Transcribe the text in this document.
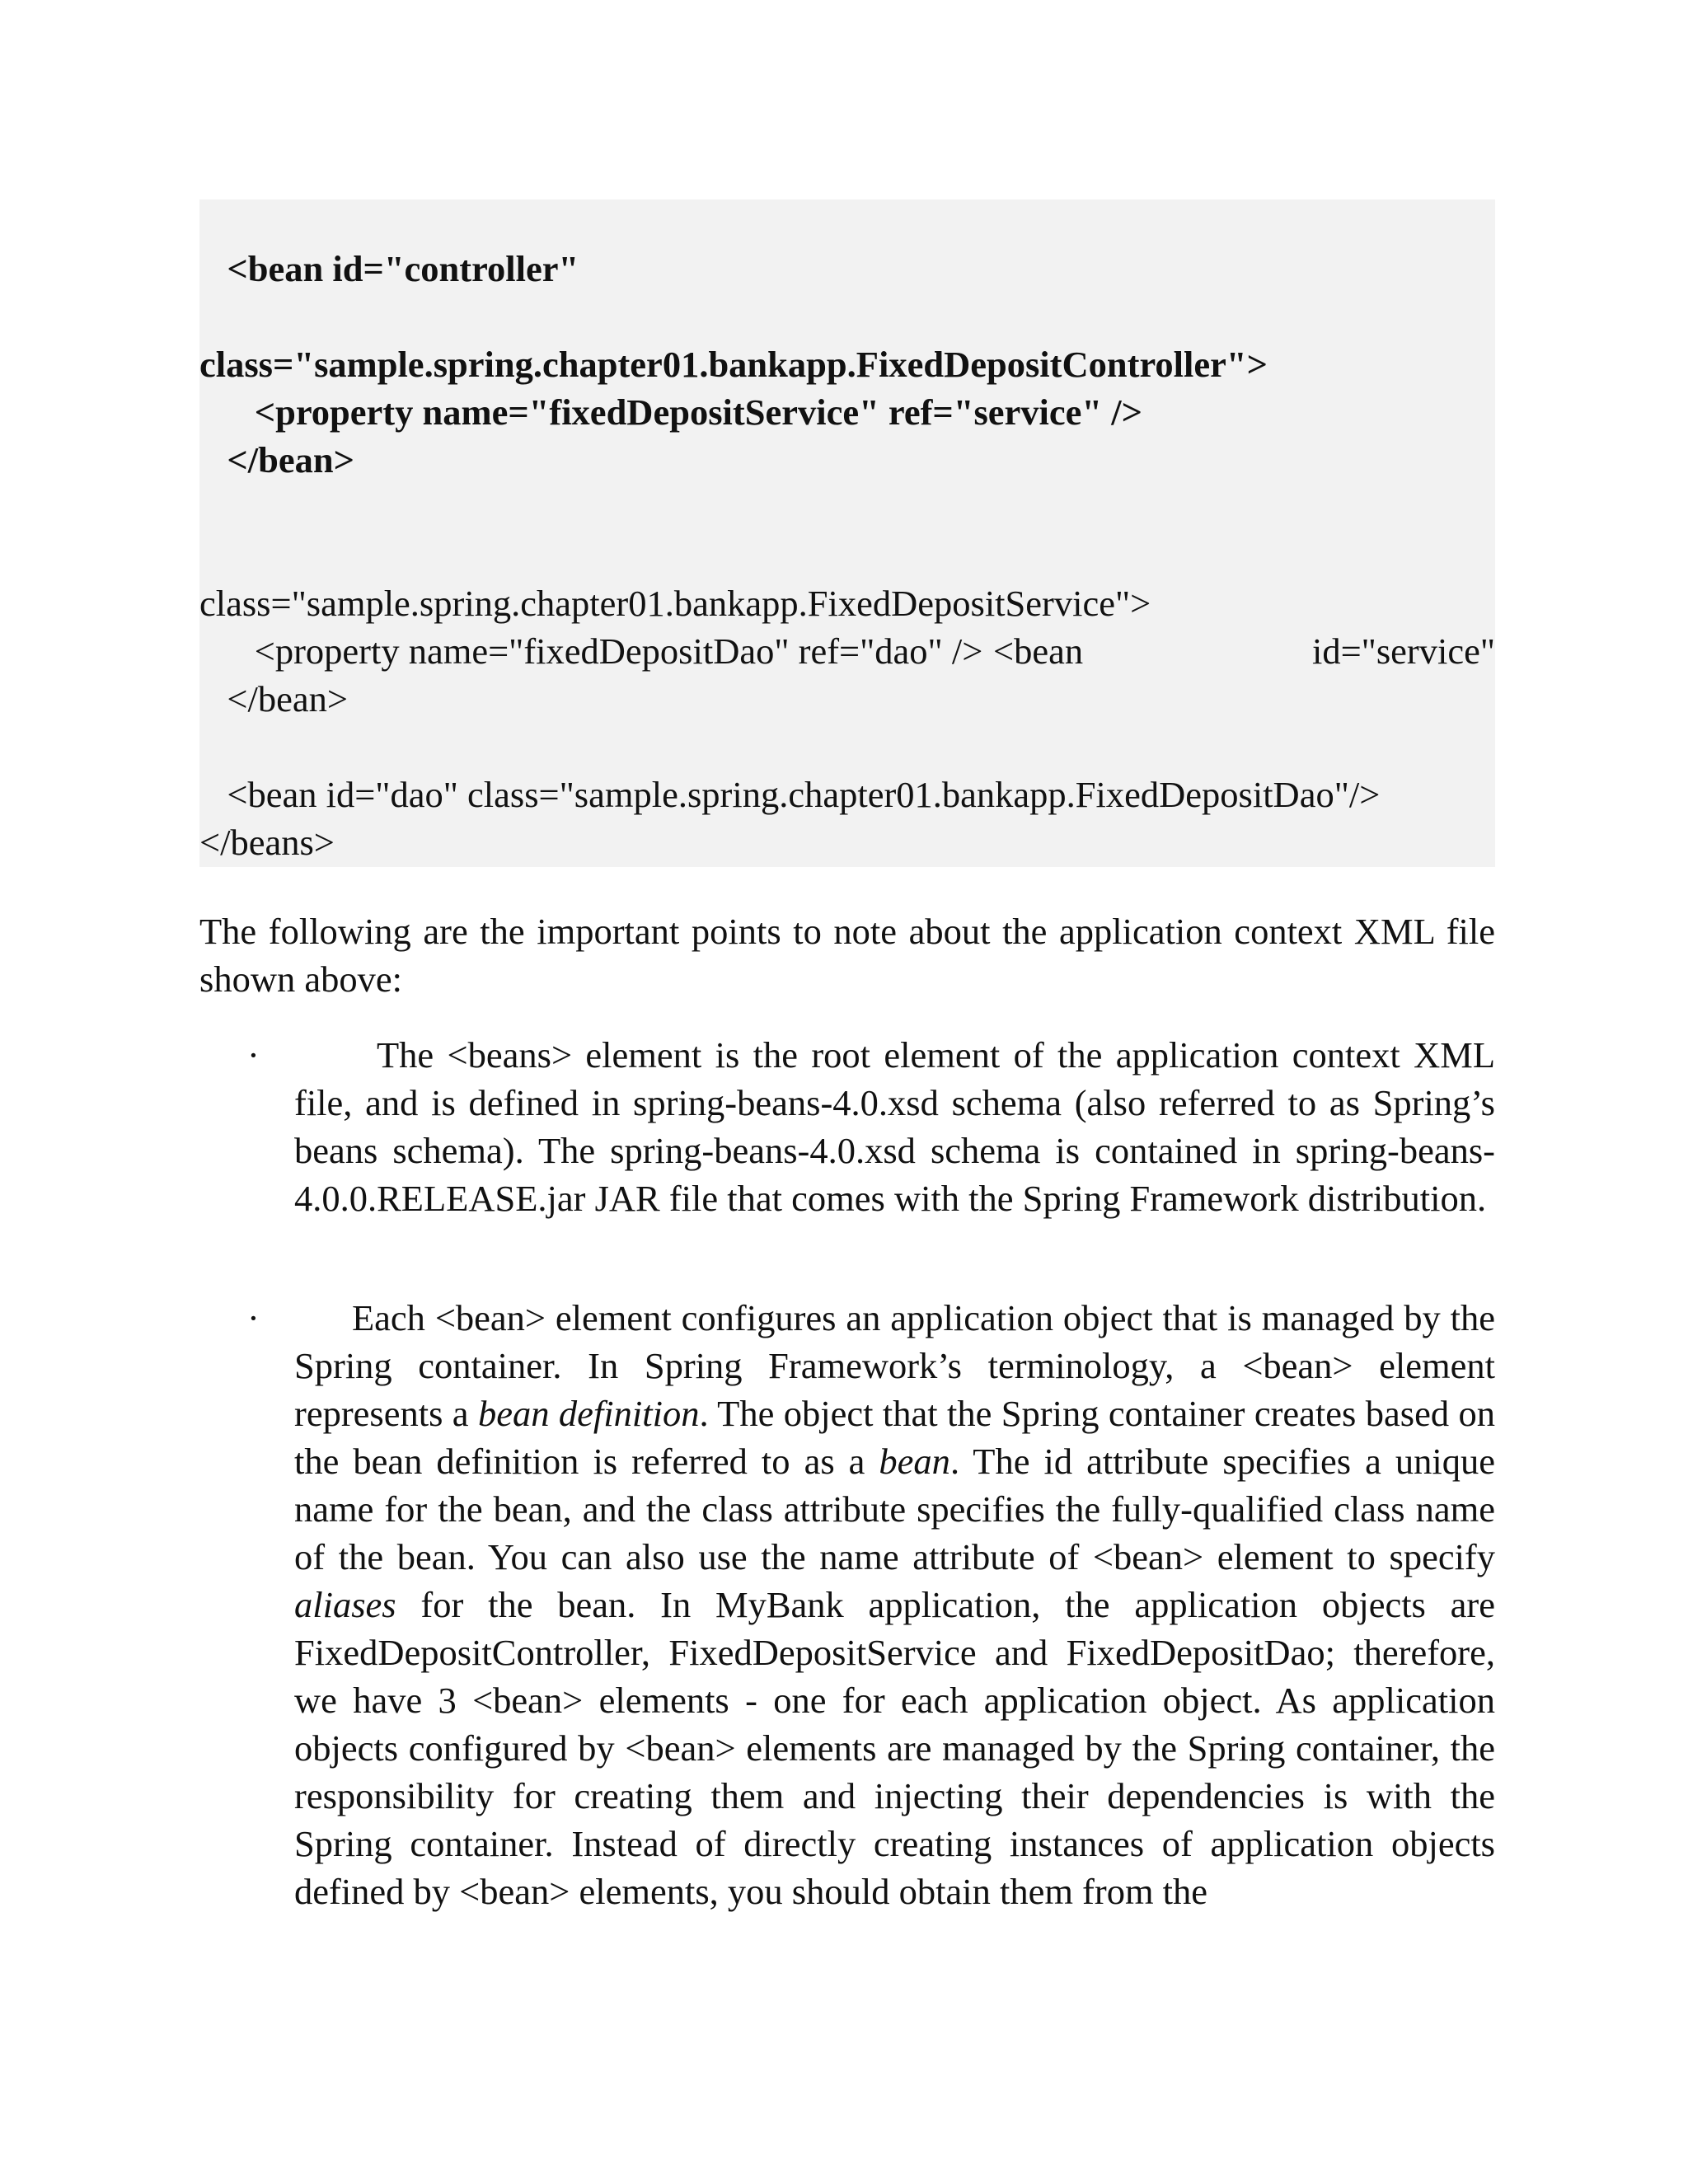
<bean id="controller"
class="sample.spring.chapter01.bankapp.FixedDepositController">
<property name="fixedDepositService" ref="service" />
</bean>

<bean	id="service"

class="sample.spring.chapter01.bankapp.FixedDepositService">
<property name="fixedDepositDao" ref="dao" />
</bean>
<bean id="dao" class="sample.spring.chapter01.bankapp.FixedDepositDao"/>
</beans>
The following are the important points to note about the application context XML file shown above:
·	The <beans> element is the root element of the application context XML file, and is defined in spring-beans-4.0.xsd schema (also referred to as Spring’s beans schema). The spring-beans-4.0.xsd schema is contained in spring-beans-4.0.0.RELEASE.jar JAR file that comes with the Spring Framework distribution.
·	Each <bean> element configures an application object that is managed by the Spring container. In Spring Framework’s terminology, a <bean> element represents a bean definition. The object that the Spring container creates based on the bean definition is referred to as a bean. The id attribute specifies a unique name for the bean, and the class attribute specifies the fully-qualified class name of the bean. You can also use the name attribute of <bean> element to specify aliases for the bean. In MyBank application, the application objects are FixedDepositController, FixedDepositService and FixedDepositDao; therefore, we have 3 <bean> elements - one for each application object. As application objects configured by <bean> elements are managed by the Spring container, the responsibility for creating them and injecting their dependencies is with the Spring container. Instead of directly creating instances of application objects defined by <bean> elements, you should obtain them from the
